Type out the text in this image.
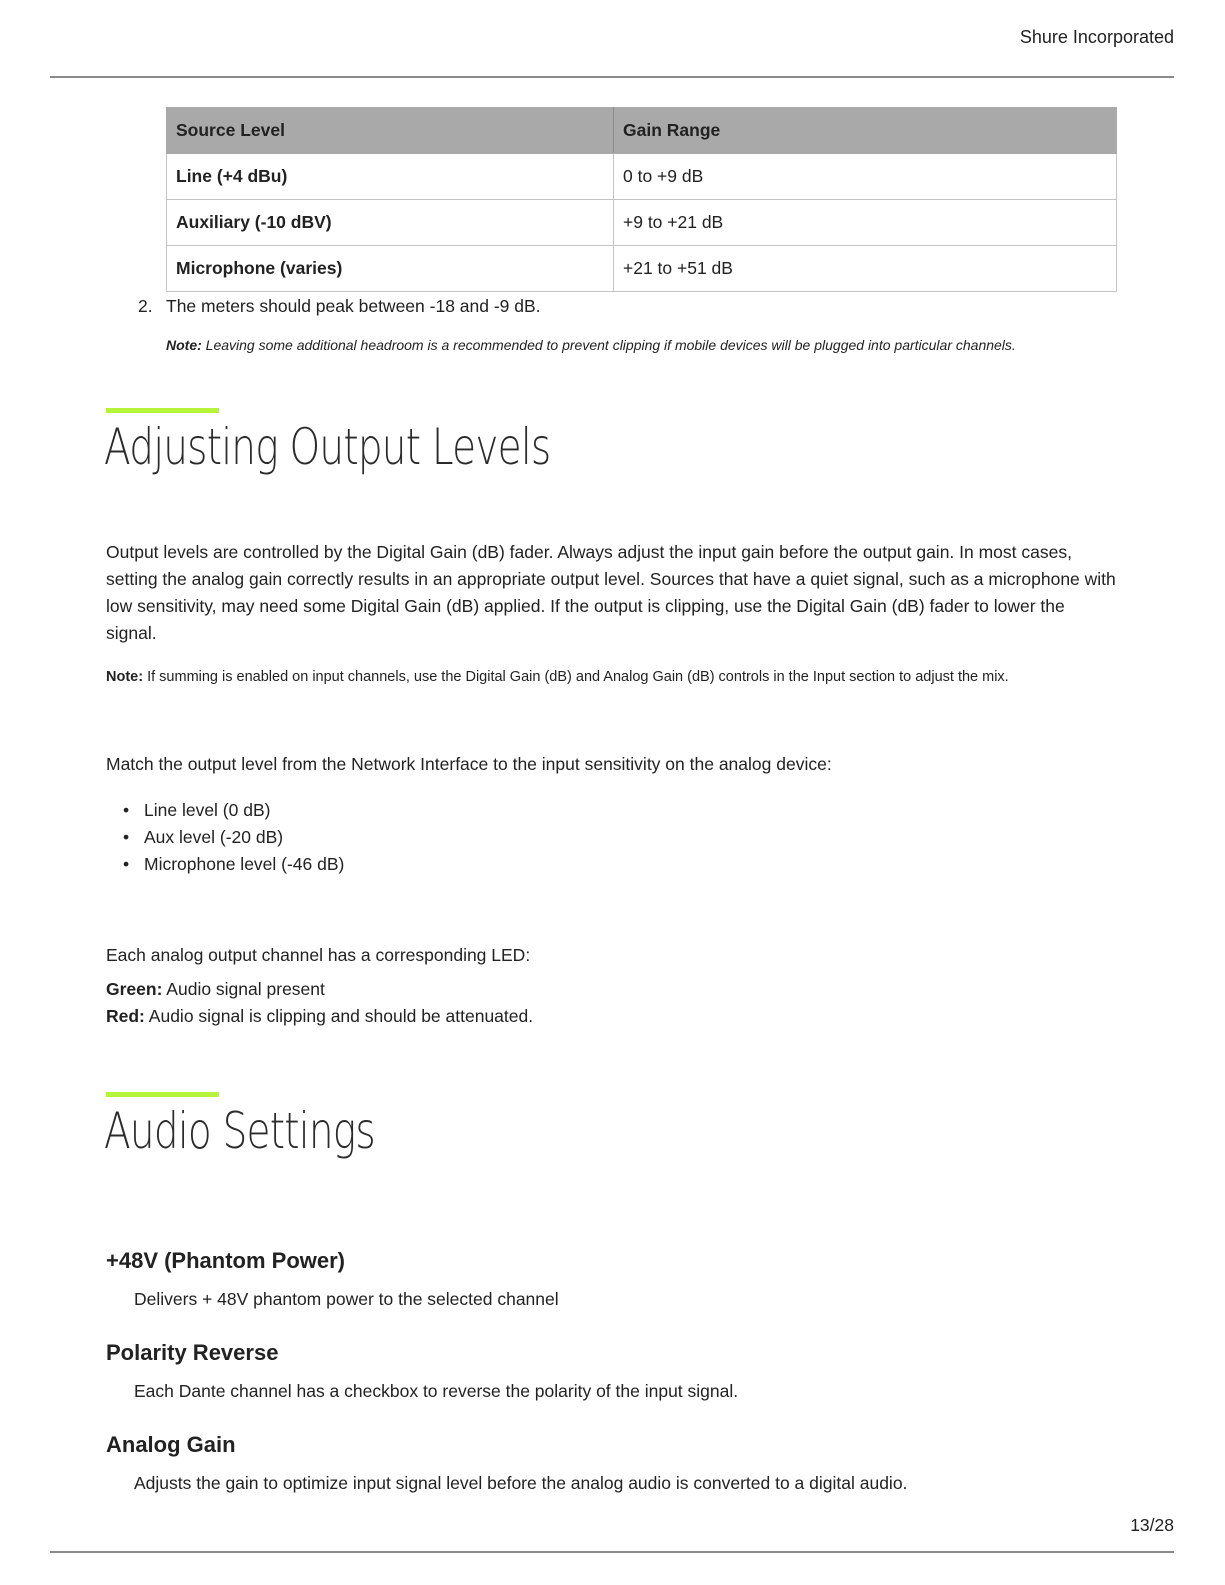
Shure Incorporated
Source Level	Gain Range
Line (+4 dBu)	0 to +9 dB
Auxiliary (-10 dBV)	+9 to +21 dB
Microphone (varies)	+21 to +51 dB
2. The meters should peak between -18 and -9 dB.
Note: Leaving some additional headroom is a recommended to prevent clipping if mobile devices will be plugged into particular channels.
Adjusting Output Levels
Output levels are controlled by the Digital Gain (dB) fader. Always adjust the input gain before the output gain. In most cases, setting the analog gain correctly results in an appropriate output level. Sources that have a quiet signal, such as a microphone with low sensitivity, may need some Digital Gain (dB) applied. If the output is clipping, use the Digital Gain (dB) fader to lower the signal.
Note: If summing is enabled on input channels, use the Digital Gain (dB) and Analog Gain (dB) controls in the Input section to adjust the mix.
Match the output level from the Network Interface to the input sensitivity on the analog device:
• Line level (0 dB)
• Aux level (-20 dB)
• Microphone level (-46 dB)
Each analog output channel has a corresponding LED:
Green: Audio signal present
Red: Audio signal is clipping and should be attenuated.
Audio Settings
+48V (Phantom Power)
Delivers + 48V phantom power to the selected channel
Polarity Reverse
Each Dante channel has a checkbox to reverse the polarity of the input signal.
Analog Gain
Adjusts the gain to optimize input signal level before the analog audio is converted to a digital audio.
13/28
